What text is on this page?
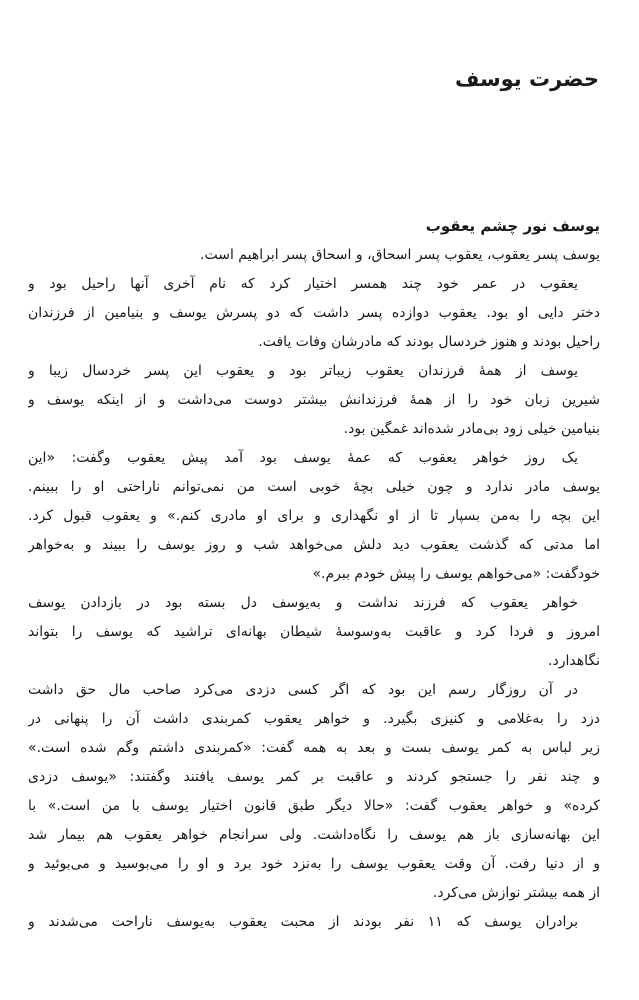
حضرت یوسف
یوسف نور چشم یعقوب

یوسف پسر یعقوب، یعقوب پسر اسحاق، و اسحاق پسر ابراهیم است.

یعقوب در عمر خود چند همسر اختیار کرد که نام آخری آنها راحیل بود و

دختر دایی او بود. یعقوب دوازده پسر داشت که دو پسرش یوسف و بنیامین از فرزندان

راحیل بودند و هنوز خردسال بودند که مادرشان وفات یافت.

یوسف از همهٔ فرزندان یعقوب زیباتر بود و یعقوب این پسر خردسال زیبا و

شیرین زبان خود را از همهٔ فرزندانش بیشتر دوست می‌داشت و از اینکه یوسف و

بنیامین خیلی زود بی‌مادر شده‌اند غمگین بود.

یک روز خواهر یعقوب که عمهٔ یوسف بود آمد پیش یعقوب وگفت: «این

یوسف مادر ندارد و چون خیلی بچهٔ خوبی است من نمی‌توانم ناراحتی او را ببینم.

این بچه را به‌من بسپار تا از او نگهداری و برای او مادری کنم.» و یعقوب قبول کرد.

اما مدتی که گذشت یعقوب دید دلش می‌خواهد شب و روز یوسف را ببیند و به‌خواهر

خودگفت: «می‌خواهم یوسف را پیش خودم ببرم.»

خواهر یعقوب که فرزند نداشت و به‌یوسف دل بسته بود در بازدادن یوسف

امروز و فردا کرد و عاقبت به‌وسوسهٔ شیطان بهانه‌ای تراشید که یوسف را بتواند

نگاهدارد.

در آن روزگار رسم این بود که اگر کسی دزدی می‌کرد صاحب مال حق داشت

دزد را به‌غلامی و کنیزی بگیرد. و خواهر یعقوب کمربندی داشت آن را پنهانی در

زیر لباس به کمر یوسف بست و بعد به همه گفت: «کمربندی داشتم وگم شده است.»

و چند نفر را جستجو کردند و عاقبت بر کمر یوسف یافتند وگفتند: «یوسف دزدی

کرده» و خواهر یعقوب گفت: «حالا دیگر طبق قانون اختیار یوسف با من است.» با

این بهانه‌سازی باز هم یوسف را نگاه‌داشت. ولی سرانجام خواهر یعقوب هم بیمار شد

و از دنیا رفت. آن وقت یعقوب یوسف را به‌نزد خود برد و او را می‌بوسید و می‌بوئید و

از همه بیشتر نوازش می‌کرد.

برادران یوسف که ۱۱ نفر بودند از محبت یعقوب به‌یوسف ناراحت می‌شدند و
